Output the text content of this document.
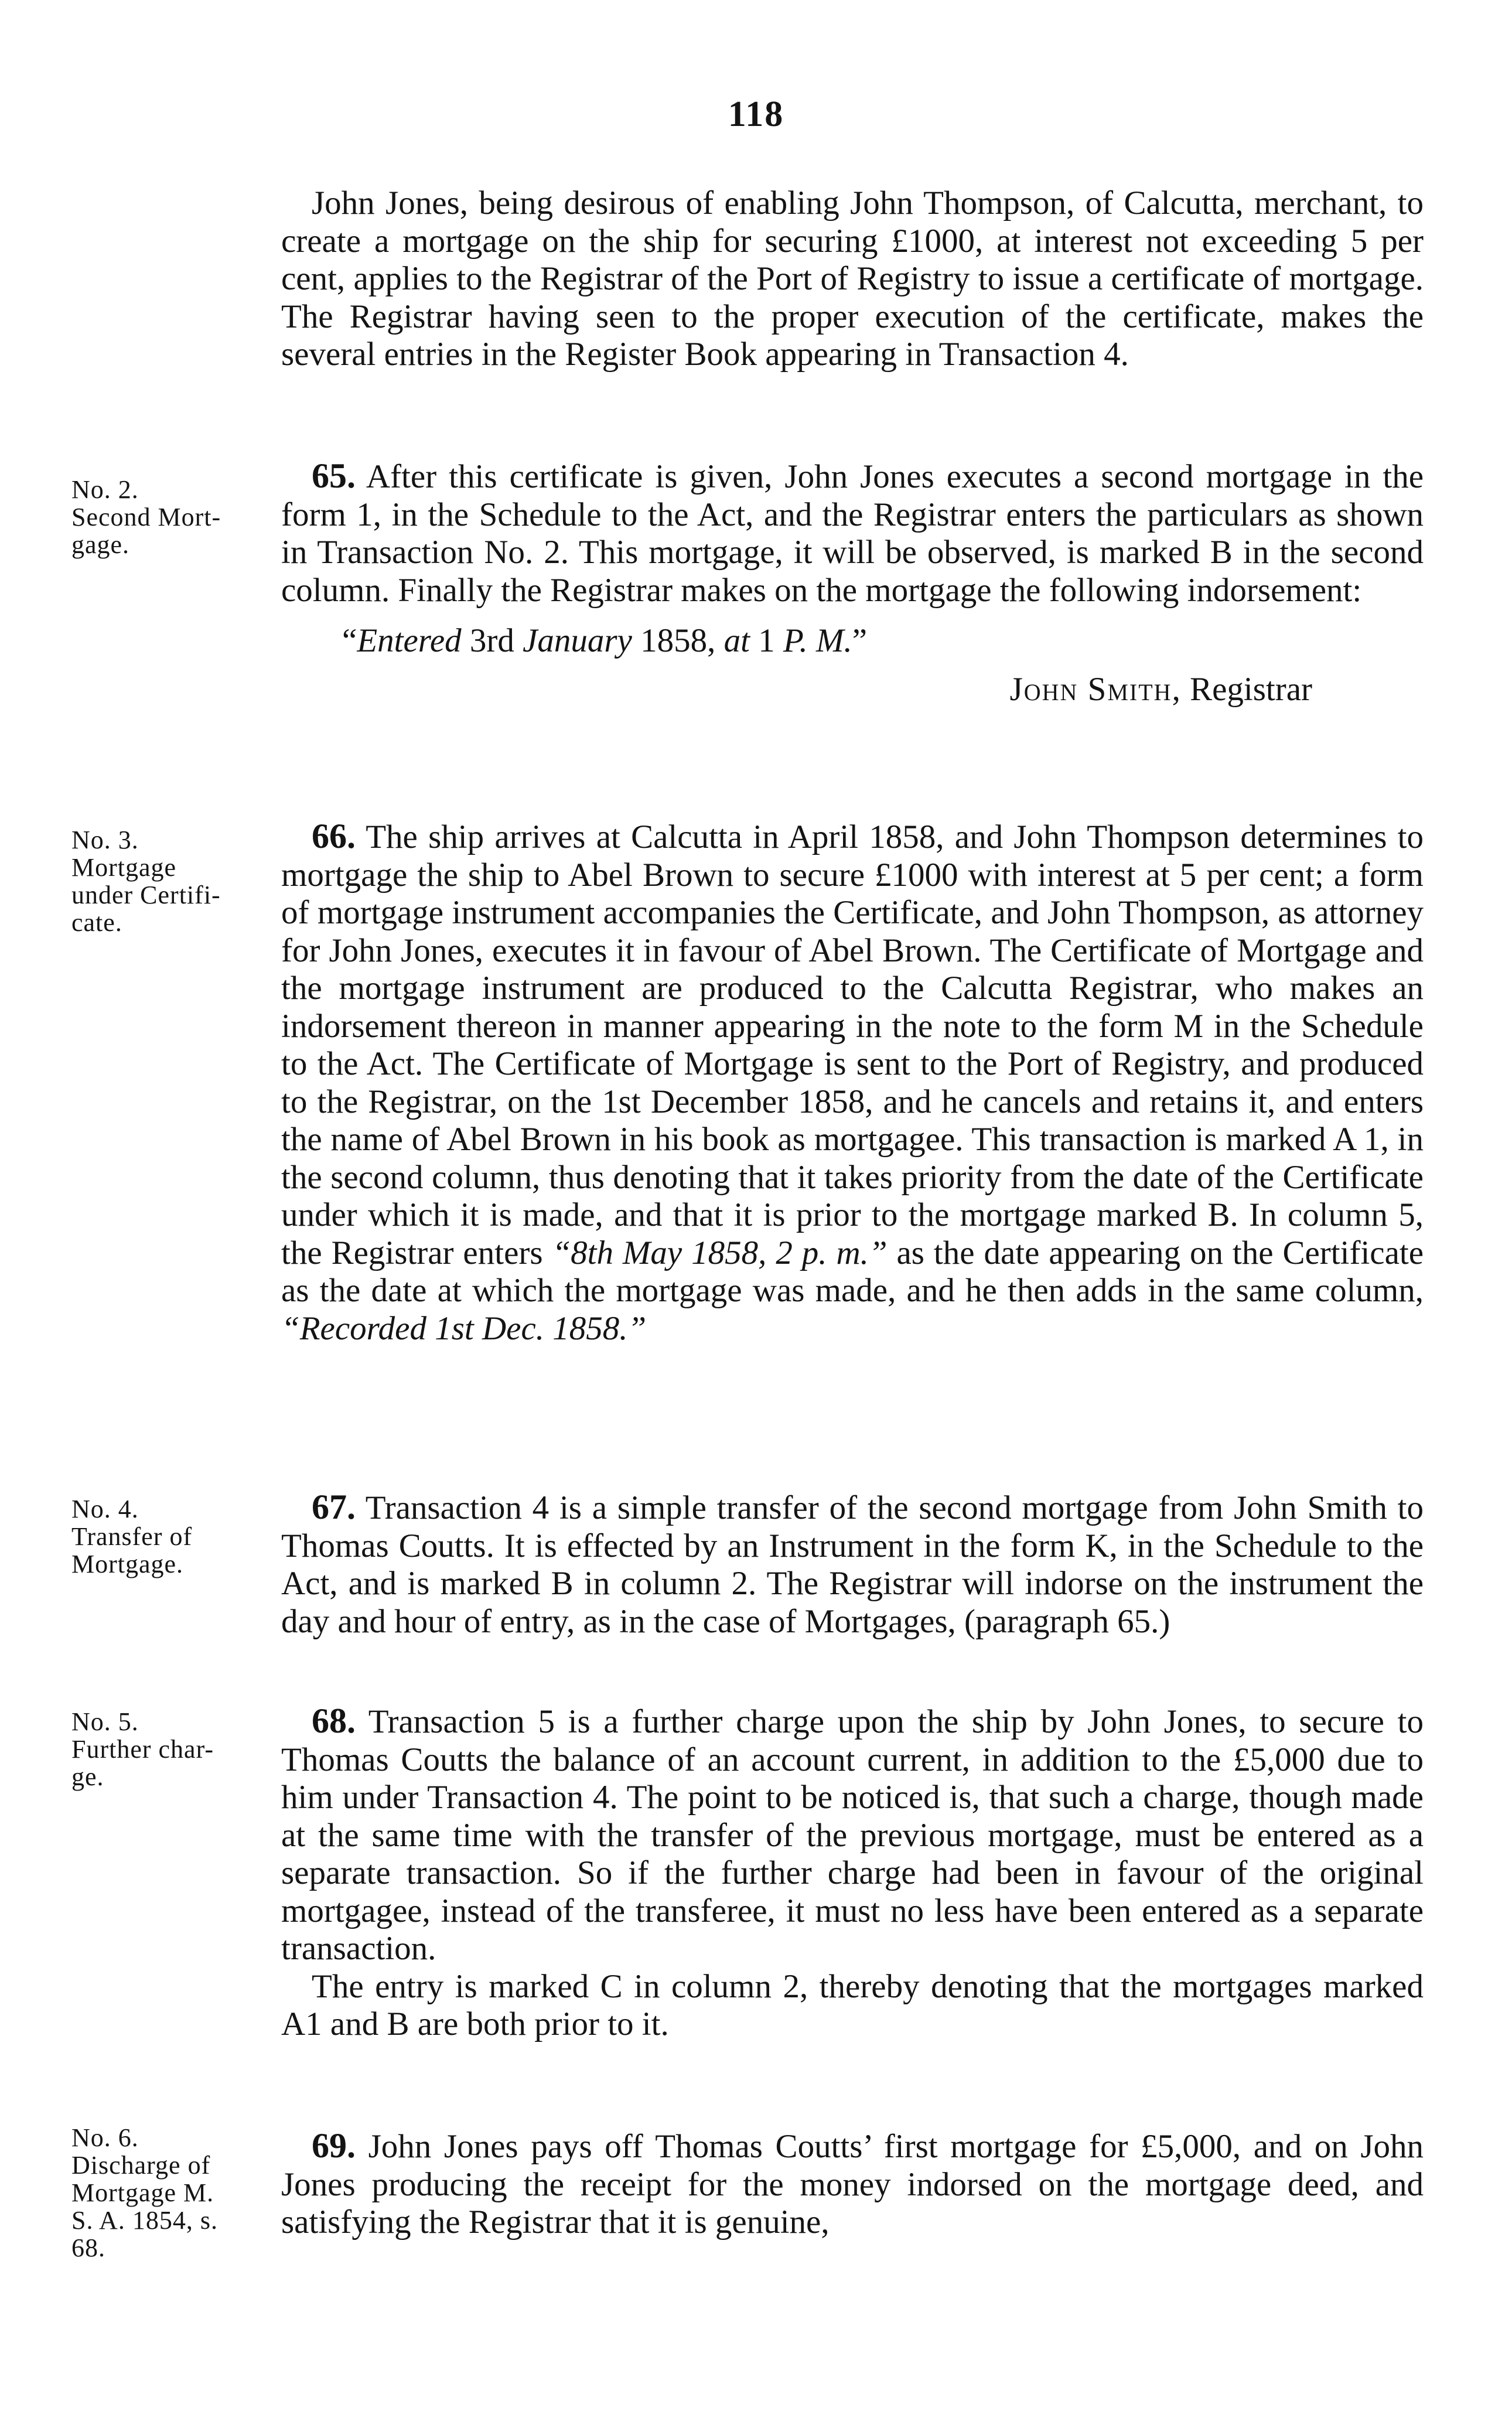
118

John Jones, being desirous of enabling John Thompson, of Calcutta, merchant, to create a mortgage on the ship for securing £1000, at interest not exceeding 5 per cent, applies to the Registrar of the Port of Registry to issue a certificate of mortgage. The Registrar having seen to the proper execution of the certificate, makes the several entries in the Register Book appearing in Transaction 4.

No. 2.
Second Mort-
gage.

65. After this certificate is given, John Jones executes a second mortgage in the form 1, in the Schedule to the Act, and the Registrar enters the particulars as shown in Transaction No. 2. This mortgage, it will be observed, is marked B in the second column. Finally the Registrar makes on the mortgage the following indorsement:

“Entered 3rd January 1858, at 1 P. M.”

John Smith, Registrar

No. 3.
Mortgage
under Certifi-
cate.

66. The ship arrives at Calcutta in April 1858, and John Thompson determines to mortgage the ship to Abel Brown to secure £1000 with interest at 5 per cent; a form of mortgage instrument accompanies the Certificate, and John Thompson, as attorney for John Jones, executes it in favour of Abel Brown. The Certificate of Mortgage and the mortgage instrument are produced to the Calcutta Registrar, who makes an indorsement thereon in manner appearing in the note to the form M in the Schedule to the Act. The Certificate of Mortgage is sent to the Port of Registry, and produced to the Registrar, on the 1st December 1858, and he cancels and retains it, and enters the name of Abel Brown in his book as mortgagee. This transaction is marked A 1, in the second column, thus denoting that it takes priority from the date of the Certificate under which it is made, and that it is prior to the mortgage marked B. In column 5, the Registrar enters “8th May 1858, 2 p. m.” as the date appearing on the Certificate as the date at which the mortgage was made, and he then adds in the same column, “Recorded 1st Dec. 1858.”

No. 4.
Transfer of
Mortgage.

67. Transaction 4 is a simple transfer of the second mortgage from John Smith to Thomas Coutts. It is effected by an Instrument in the form K, in the Schedule to the Act, and is marked B in column 2. The Registrar will indorse on the instrument the day and hour of entry, as in the case of Mortgages, (paragraph 65.)

No. 5.
Further char-
ge.

68. Transaction 5 is a further charge upon the ship by John Jones, to secure to Thomas Coutts the balance of an account current, in addition to the £5,000 due to him under Transaction 4. The point to be noticed is, that such a charge, though made at the same time with the transfer of the previous mortgage, must be entered as a separate transaction. So if the further charge had been in favour of the original mortgagee, instead of the transferee, it must no less have been entered as a separate transaction.

The entry is marked C in column 2, thereby denoting that the mortgages marked A1 and B are both prior to it.

No. 6.
Discharge of
Mortgage M.
S. A. 1854, s.
68.

69. John Jones pays off Thomas Coutts’ first mortgage for £5,000, and on John Jones producing the receipt for the money indorsed on the mortgage deed, and satisfying the Registrar that it is genuine,
